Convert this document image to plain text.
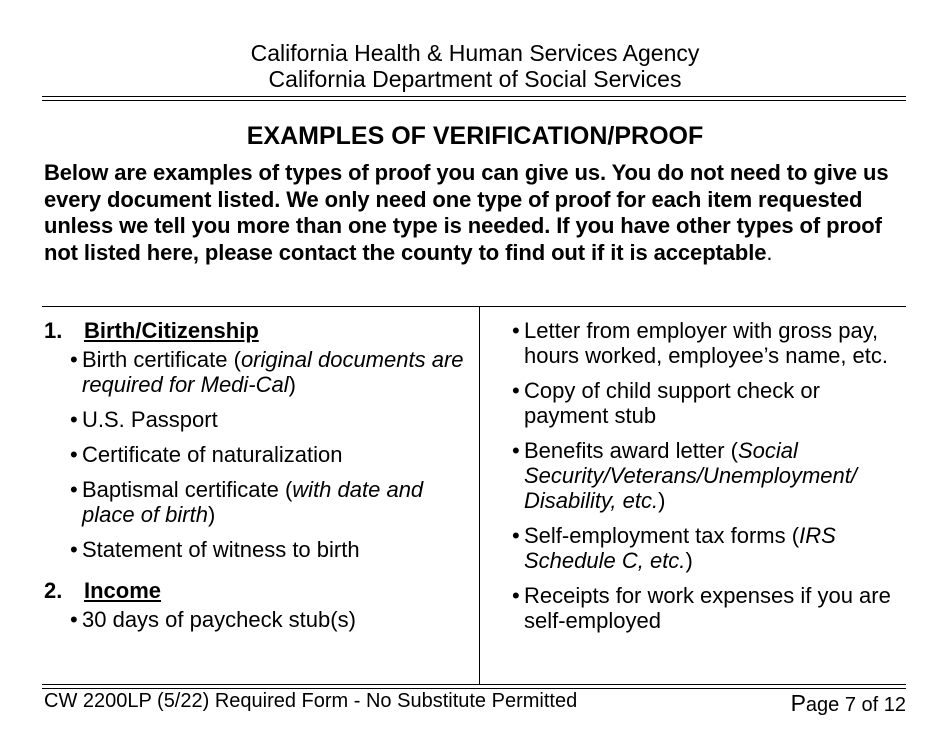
California Health & Human Services Agency
California Department of Social Services
EXAMPLES OF VERIFICATION/PROOF
Below are examples of types of proof you can give us. You do not need to give us every document listed. We only need one type of proof for each item requested unless we tell you more than one type is needed. If you have other types of proof not listed here, please contact the county to find out if it is acceptable.
1. Birth/Citizenship
• Birth certificate (original documents are required for Medi-Cal)
• U.S. Passport
• Certificate of naturalization
• Baptismal certificate (with date and place of birth)
• Statement of witness to birth
2. Income
• 30 days of paycheck stub(s)
• Letter from employer with gross pay, hours worked, employee’s name, etc.
• Copy of child support check or payment stub
• Benefits award letter (Social Security/Veterans/Unemployment/ Disability, etc.)
• Self-employment tax forms (IRS Schedule C, etc.)
• Receipts for work expenses if you are self-employed
CW 2200LP (5/22) Required Form - No Substitute Permitted	Page 7 of 12
